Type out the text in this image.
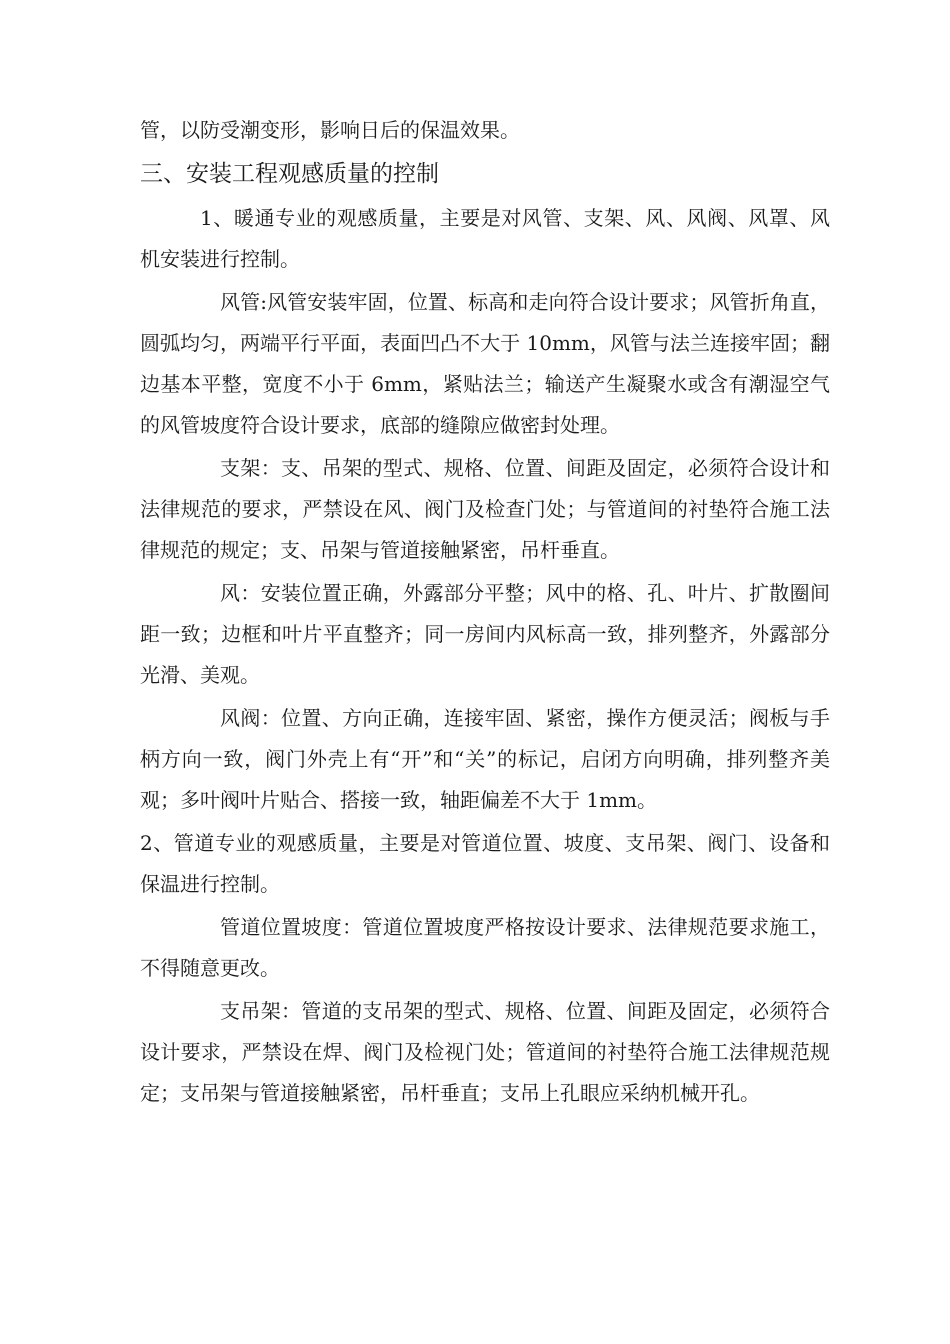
管，以防受潮变形，影响日后的保温效果。

三、安装工程观感质量的控制

1、暖通专业的观感质量，主要是对风管、支架、风、风阀、风罩、风机安装进行控制。

风管:风管安装牢固，位置、标高和走向符合设计要求；风管折角直，圆弧均匀，两端平行平面，表面凹凸不大于 10mm，风管与法兰连接牢固；翻边基本平整，宽度不小于 6mm，紧贴法兰；输送产生凝聚水或含有潮湿空气的风管坡度符合设计要求，底部的缝隙应做密封处理。

支架：支、吊架的型式、规格、位置、间距及固定，必须符合设计和法律规范的要求，严禁设在风、阀门及检查门处；与管道间的衬垫符合施工法律规范的规定；支、吊架与管道接触紧密，吊杆垂直。

风：安装位置正确，外露部分平整；风中的格、孔、叶片、扩散圈间距一致；边框和叶片平直整齐；同一房间内风标高一致，排列整齐，外露部分光滑、美观。

风阀：位置、方向正确，连接牢固、紧密，操作方便灵活；阀板与手柄方向一致，阀门外壳上有“开”和“关”的标记，启闭方向明确，排列整齐美观；多叶阀叶片贴合、搭接一致，轴距偏差不大于 1mm。

2、管道专业的观感质量，主要是对管道位置、坡度、支吊架、阀门、设备和保温进行控制。

管道位置坡度：管道位置坡度严格按设计要求、法律规范要求施工，不得随意更改。

支吊架：管道的支吊架的型式、规格、位置、间距及固定，必须符合设计要求，严禁设在焊、阀门及检视门处；管道间的衬垫符合施工法律规范规定；支吊架与管道接触紧密，吊杆垂直；支吊上孔眼应采纳机械开孔。
